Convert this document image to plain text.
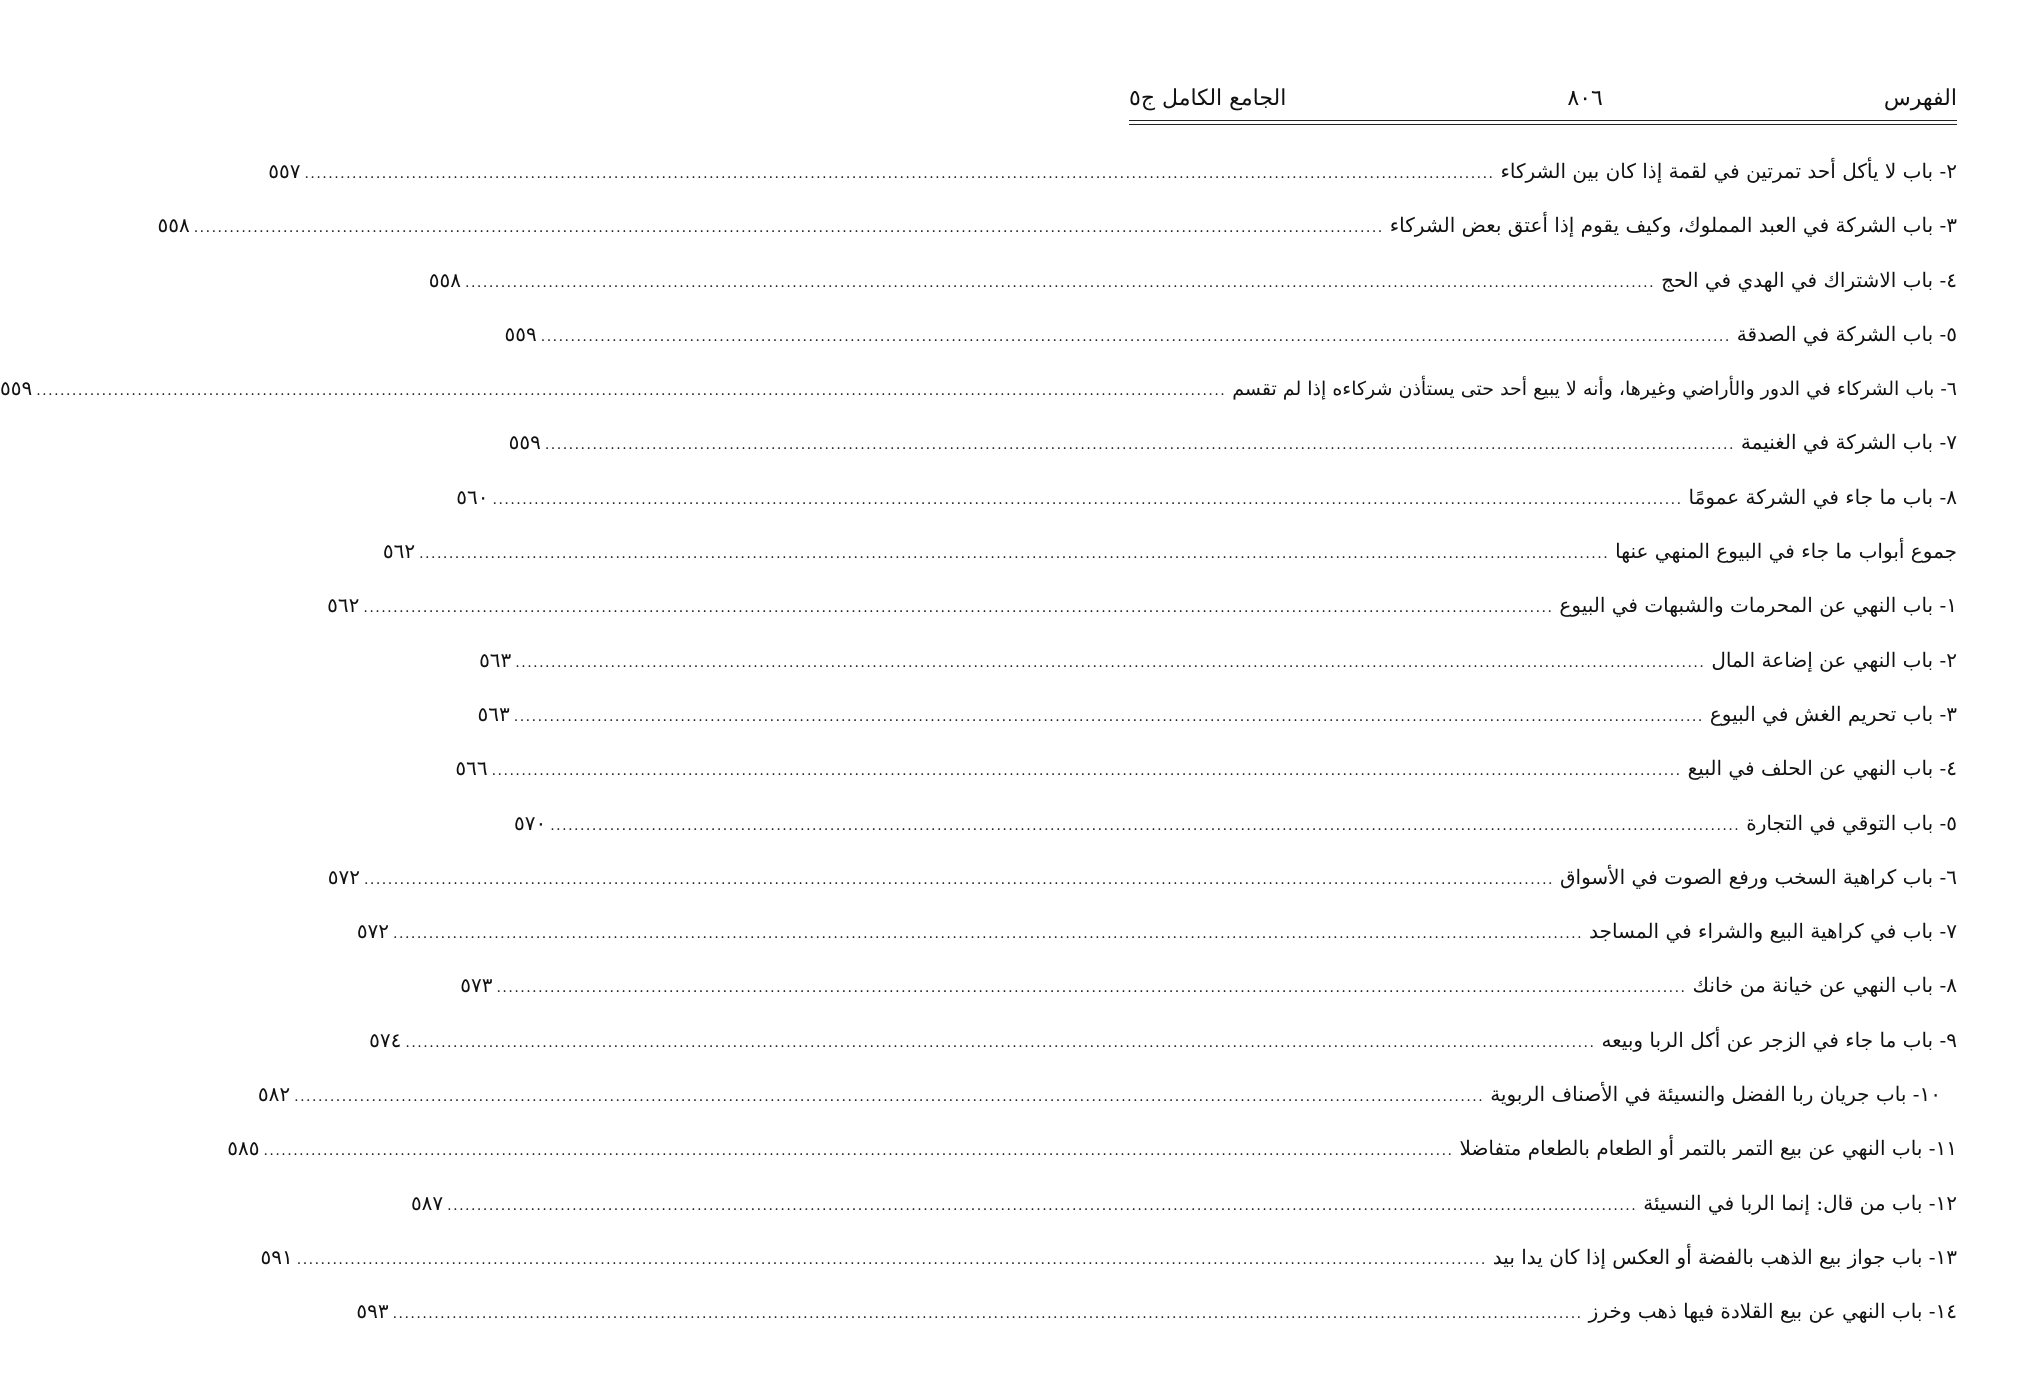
الفهرس
٨٠٦
الجامع الكامل ج٥
٢- باب لا يأكل أحد تمرتين في لقمة إذا كان بين الشركاء
........................................................................................................................................................................................................
٥٥٧
٣- باب الشركة في العبد المملوك، وكيف يقوم إذا أعتق بعض الشركاء
........................................................................................................................................................................................................
٥٥٨
٤- باب الاشتراك في الهدي في الحج
........................................................................................................................................................................................................
٥٥٨
٥- باب الشركة في الصدقة
........................................................................................................................................................................................................
٥٥٩
٦- باب الشركاء في الدور والأراضي وغيرها، وأنه لا يبيع أحد حتى يستأذن شركاءه إذا لم تقسم
........................................................................................................................................................................................................
٥٥٩
٧- باب الشركة في الغنيمة
........................................................................................................................................................................................................
٥٥٩
٨- باب ما جاء في الشركة عمومًا
........................................................................................................................................................................................................
٥٦٠
جموع أبواب ما جاء في البيوع المنهي عنها
........................................................................................................................................................................................................
٥٦٢
١- باب النهي عن المحرمات والشبهات في البيوع
........................................................................................................................................................................................................
٥٦٢
٢- باب النهي عن إضاعة المال
........................................................................................................................................................................................................
٥٦٣
٣- باب تحريم الغش في البيوع
........................................................................................................................................................................................................
٥٦٣
٤- باب النهي عن الحلف في البيع
........................................................................................................................................................................................................
٥٦٦
٥- باب التوقي في التجارة
........................................................................................................................................................................................................
٥٧٠
٦- باب كراهية السخب ورفع الصوت في الأسواق
........................................................................................................................................................................................................
٥٧٢
٧- باب في كراهية البيع والشراء في المساجد
........................................................................................................................................................................................................
٥٧٢
٨- باب النهي عن خيانة من خانك
........................................................................................................................................................................................................
٥٧٣
٩- باب ما جاء في الزجر عن أكل الربا وبيعه
........................................................................................................................................................................................................
٥٧٤
١٠- باب جريان ربا الفضل والنسيئة في الأصناف الربوية
........................................................................................................................................................................................................
٥٨٢
١١- باب النهي عن بيع التمر بالتمر أو الطعام بالطعام متفاضلا
........................................................................................................................................................................................................
٥٨٥
١٢- باب من قال: إنما الربا في النسيئة
........................................................................................................................................................................................................
٥٨٧
١٣- باب جواز بيع الذهب بالفضة أو العكس إذا كان يدا بيد
........................................................................................................................................................................................................
٥٩١
١٤- باب النهي عن بيع القلادة فيها ذهب وخرز
........................................................................................................................................................................................................
٥٩٣
